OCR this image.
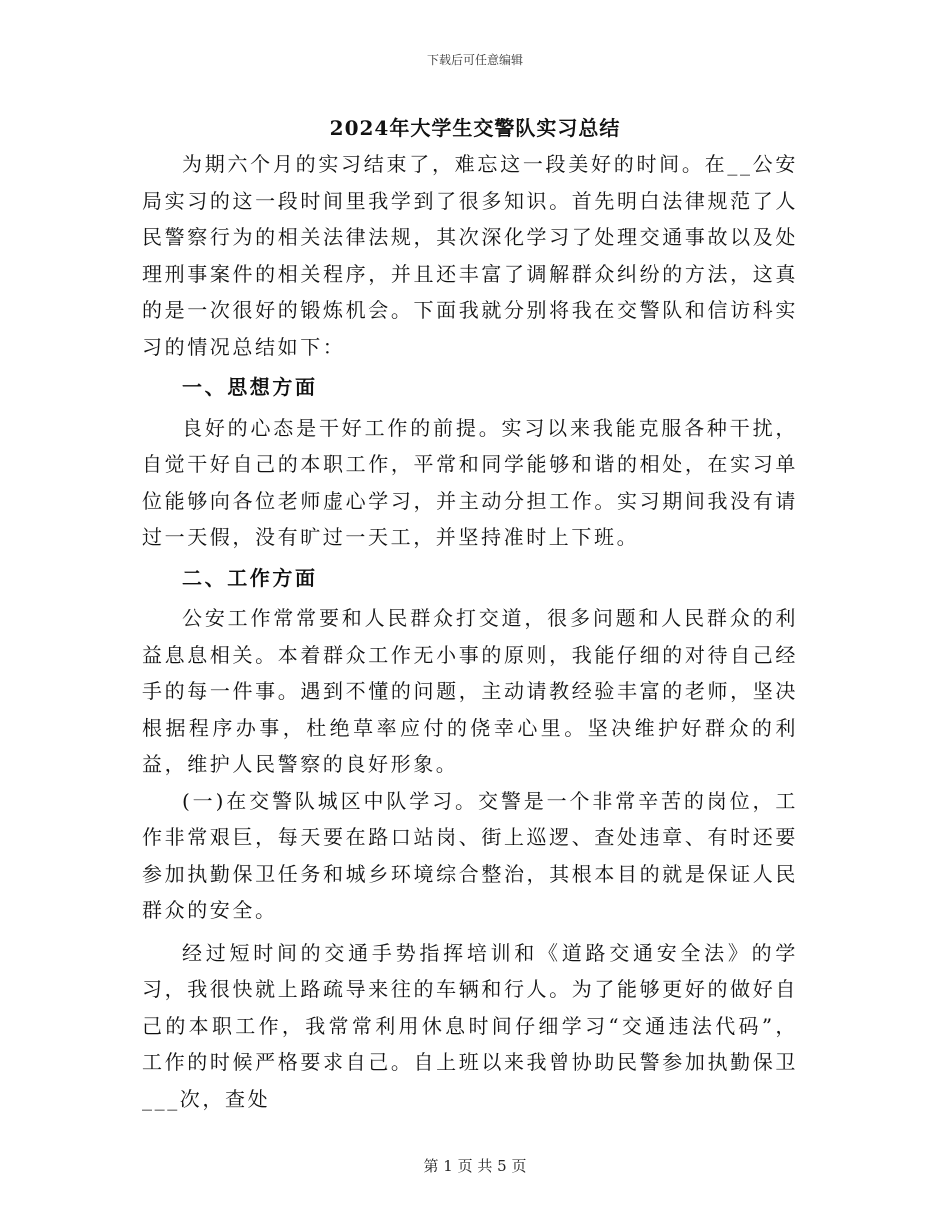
下载后可任意编辑
2024年大学生交警队实习总结

为期六个月的实习结束了，难忘这一段美好的时间。在__公安局实习的这一段时间里我学到了很多知识。首先明白法律规范了人民警察行为的相关法律法规，其次深化学习了处理交通事故以及处理刑事案件的相关程序，并且还丰富了调解群众纠纷的方法，这真的是一次很好的锻炼机会。下面我就分别将我在交警队和信访科实习的情况总结如下：

一、思想方面

良好的心态是干好工作的前提。实习以来我能克服各种干扰，自觉干好自己的本职工作，平常和同学能够和谐的相处，在实习单位能够向各位老师虚心学习，并主动分担工作。实习期间我没有请过一天假，没有旷过一天工，并坚持准时上下班。

二、工作方面

公安工作常常要和人民群众打交道，很多问题和人民群众的利益息息相关。本着群众工作无小事的原则，我能仔细的对待自己经手的每一件事。遇到不懂的问题，主动请教经验丰富的老师，坚决根据程序办事，杜绝草率应付的侥幸心里。坚决维护好群众的利益，维护人民警察的良好形象。

(一)在交警队城区中队学习。交警是一个非常辛苦的岗位，工作非常艰巨，每天要在路口站岗、街上巡逻、查处违章、有时还要参加执勤保卫任务和城乡环境综合整治，其根本目的就是保证人民群众的安全。

经过短时间的交通手势指挥培训和《道路交通安全法》的学习，我很快就上路疏导来往的车辆和行人。为了能够更好的做好自己的本职工作，我常常利用休息时间仔细学习“交通违法代码”，工作的时候严格要求自己。自上班以来我曾协助民警参加执勤保卫___次，查处

第 1 页 共 5 页
